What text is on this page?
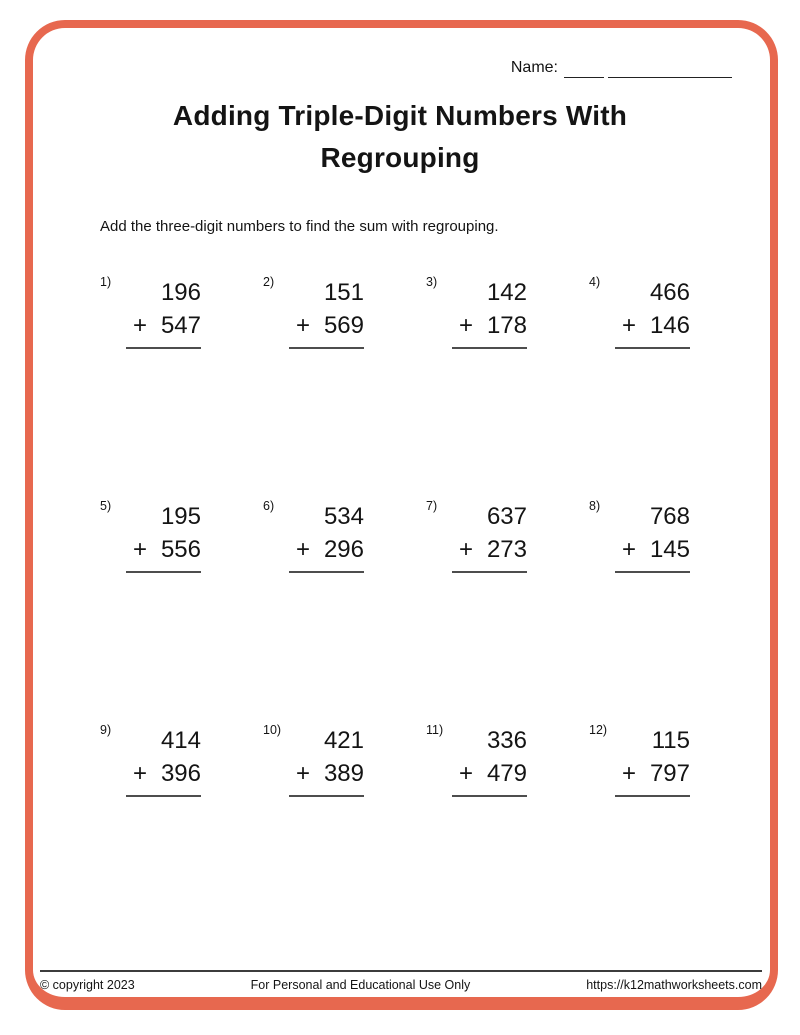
Name:
Adding Triple-Digit Numbers With
Regrouping
Add the three-digit numbers to find the sum with regrouping.
1)	196
+ 547
2)	151
+ 569
3)	142
+ 178
4)	466
+ 146
5)	195
+ 556
6)	534
+ 296
7)	637
+ 273
8)	768
+ 145
9)	414
+ 396
10)	421
+ 389
11)	336
+ 479
12)	115
+ 797
© copyright 2023	For Personal and Educational Use Only	https://k12mathworksheets.com
